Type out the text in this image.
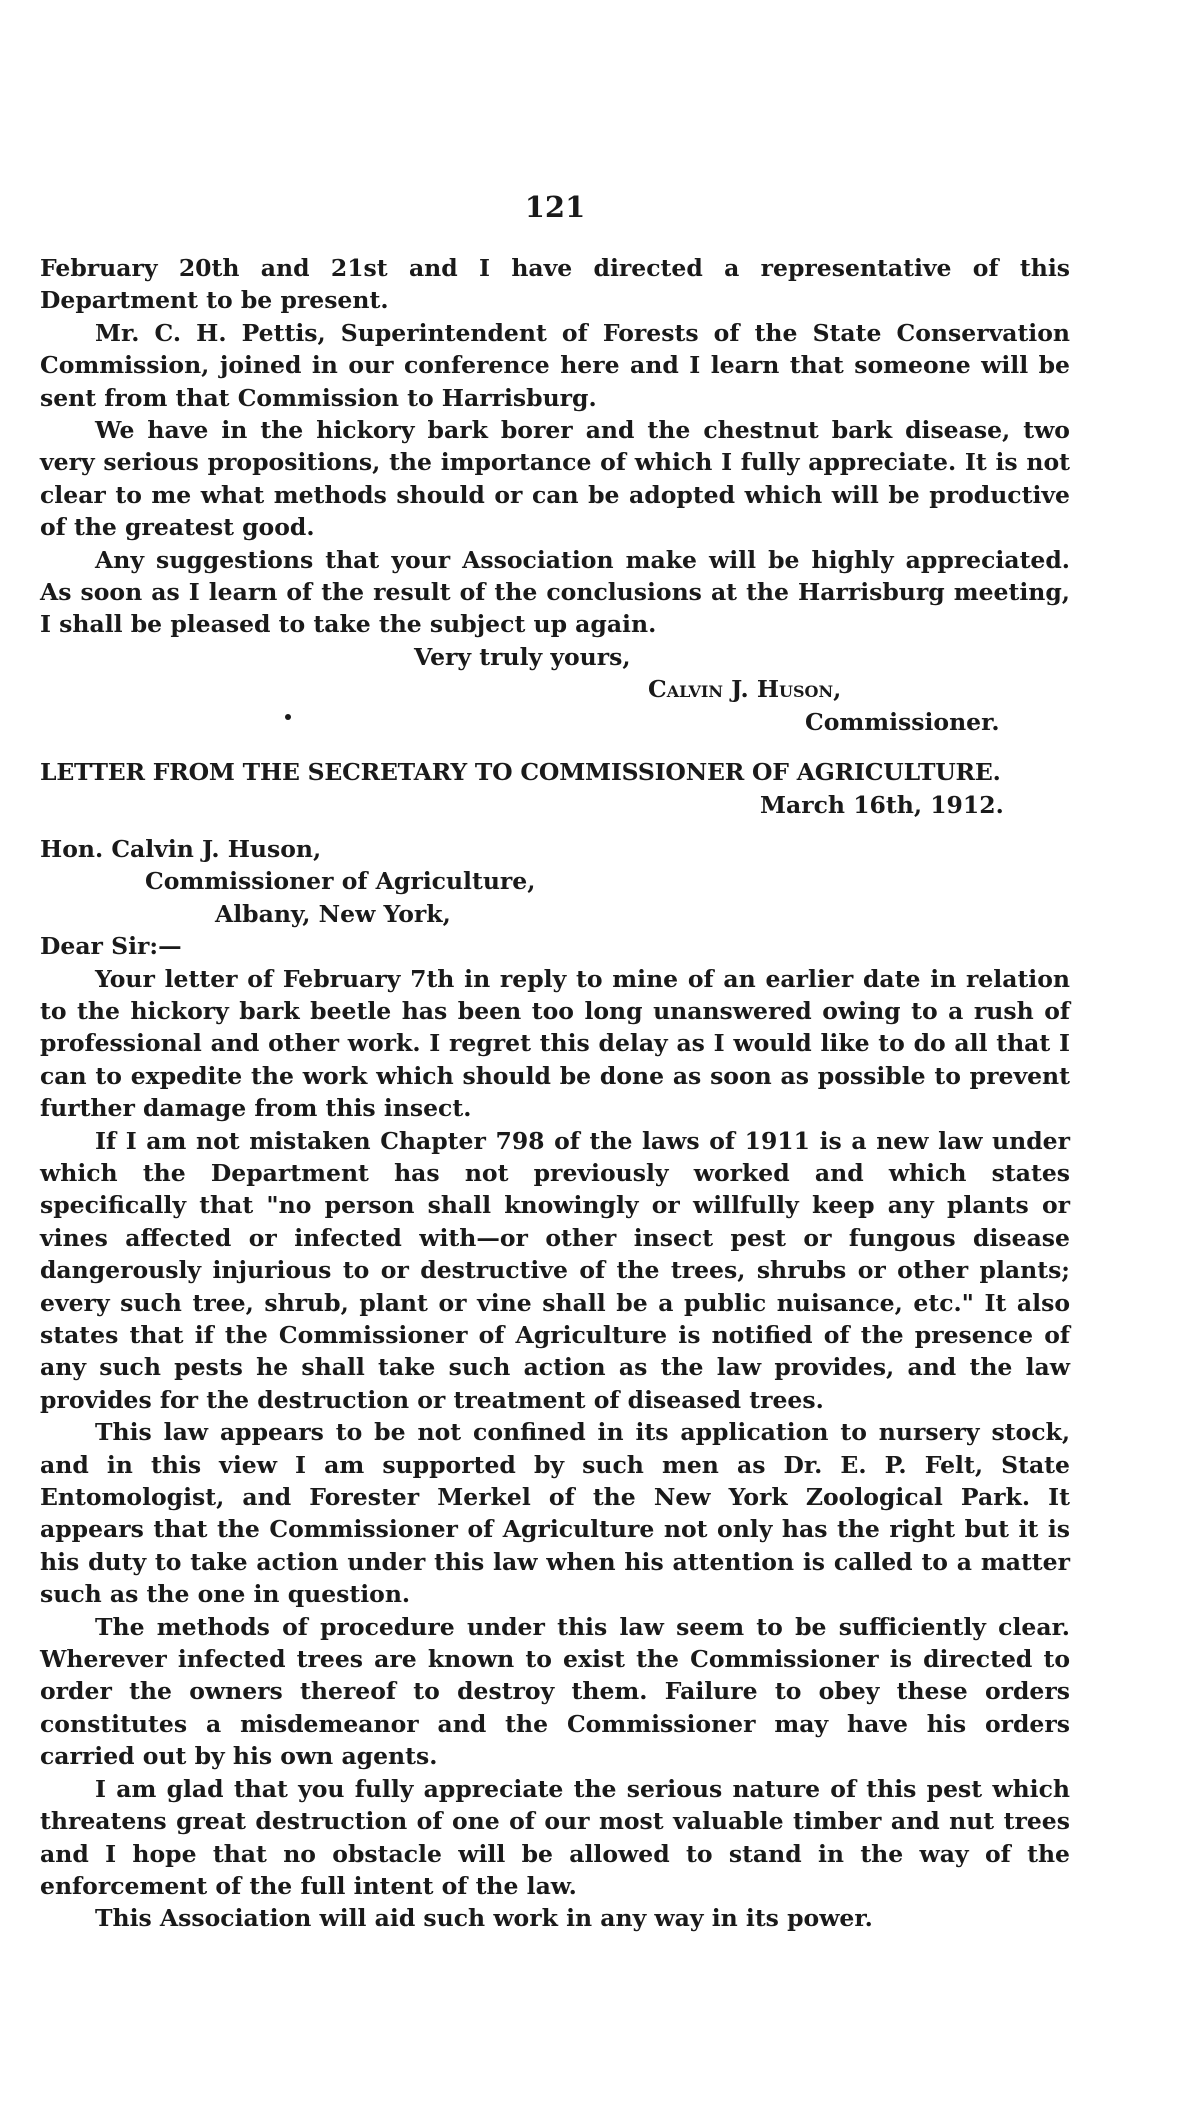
121

February 20th and 21st and I have directed a representative of this Department to be present.

Mr. C. H. Pettis, Superintendent of Forests of the State Conservation Commission, joined in our conference here and I learn that someone will be sent from that Commission to Harrisburg.

We have in the hickory bark borer and the chestnut bark disease, two very serious propositions, the importance of which I fully appreciate. It is not clear to me what methods should or can be adopted which will be productive of the greatest good.

Any suggestions that your Association make will be highly appreciated. As soon as I learn of the result of the conclusions at the Harrisburg meeting, I shall be pleased to take the subject up again.

Very truly yours,

Calvin J. Huson,

Commissioner.

LETTER FROM THE SECRETARY TO COMMISSIONER OF AGRICULTURE.

March 16th, 1912.

Hon. Calvin J. Huson,

Commissioner of Agriculture,

Albany, New York,

Dear Sir:—

Your letter of February 7th in reply to mine of an earlier date in relation to the hickory bark beetle has been too long unanswered owing to a rush of professional and other work. I regret this delay as I would like to do all that I can to expedite the work which should be done as soon as possible to prevent further damage from this insect.

If I am not mistaken Chapter 798 of the laws of 1911 is a new law under which the Department has not previously worked and which states specifically that "no person shall knowingly or willfully keep any plants or vines affected or infected with—or other insect pest or fungous disease dangerously injurious to or destructive of the trees, shrubs or other plants; every such tree, shrub, plant or vine shall be a public nuisance, etc." It also states that if the Commissioner of Agriculture is notified of the presence of any such pests he shall take such action as the law provides, and the law provides for the destruction or treatment of diseased trees.

This law appears to be not confined in its application to nursery stock, and in this view I am supported by such men as Dr. E. P. Felt, State Entomologist, and Forester Merkel of the New York Zoological Park. It appears that the Commissioner of Agriculture not only has the right but it is his duty to take action under this law when his attention is called to a matter such as the one in question.

The methods of procedure under this law seem to be sufficiently clear. Wherever infected trees are known to exist the Commissioner is directed to order the owners thereof to destroy them. Failure to obey these orders constitutes a misdemeanor and the Commissioner may have his orders carried out by his own agents.

I am glad that you fully appreciate the serious nature of this pest which threatens great destruction of one of our most valuable timber and nut trees and I hope that no obstacle will be allowed to stand in the way of the enforcement of the full intent of the law.

This Association will aid such work in any way in its power.
